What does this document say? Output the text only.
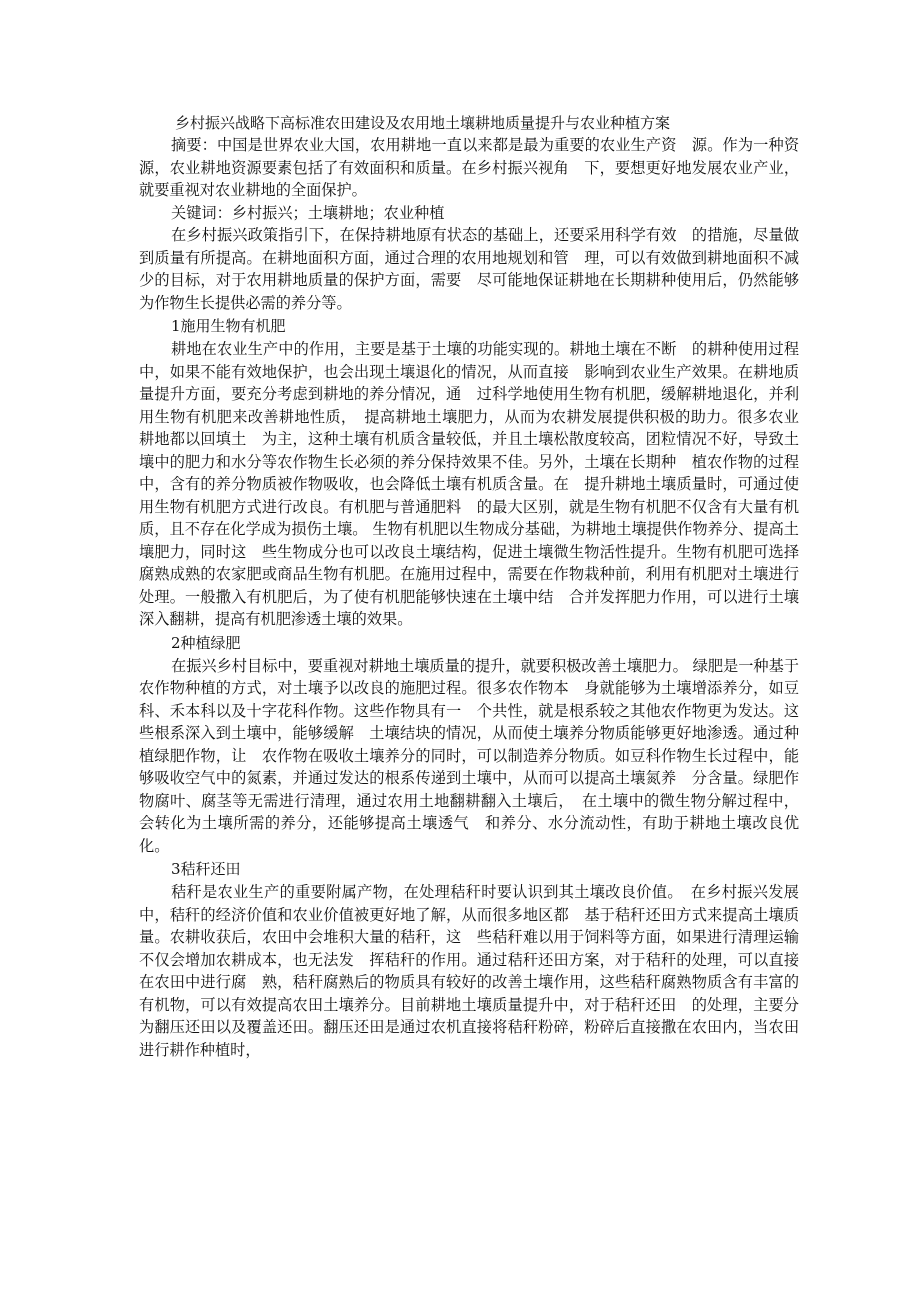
乡村振兴战略下高标准农田建设及农用地土壤耕地质量提升与农业种植方案

摘要：中国是世界农业大国，农用耕地一直以来都是最为重要的农业生产资　源。作为一种资源，农业耕地资源要素包括了有效面积和质量。在乡村振兴视角　下，要想更好地发展农业产业，就要重视对农业耕地的全面保护。

关键词：乡村振兴；土壤耕地；农业种植

在乡村振兴政策指引下，在保持耕地原有状态的基础上，还要采用科学有效　的措施，尽量做到质量有所提高。在耕地面积方面，通过合理的农用地规划和管　理，可以有效做到耕地面积不减少的目标，对于农用耕地质量的保护方面，需要　尽可能地保证耕地在长期耕种使用后，仍然能够为作物生长提供必需的养分等。

1施用生物有机肥

耕地在农业生产中的作用，主要是基于土壤的功能实现的。耕地土壤在不断　的耕种使用过程中，如果不能有效地保护，也会出现土壤退化的情况，从而直接　影响到农业生产效果。在耕地质量提升方面，要充分考虑到耕地的养分情况，通　过科学地使用生物有机肥，缓解耕地退化，并利用生物有机肥来改善耕地性质，　提高耕地土壤肥力，从而为农耕发展提供积极的助力。很多农业耕地都以回填土　为主，这种土壤有机质含量较低，并且土壤松散度较高，团粒情况不好，导致土　壤中的肥力和水分等农作物生长必须的养分保持效果不佳。另外，土壤在长期种　植农作物的过程中，含有的养分物质被作物吸收，也会降低土壤有机质含量。在　提升耕地土壤质量时，可通过使用生物有机肥方式进行改良。有机肥与普通肥料　的最大区别，就是生物有机肥不仅含有大量有机质，且不存在化学成为损伤土壤。 生物有机肥以生物成分基础，为耕地土壤提供作物养分、提高土壤肥力，同时这　些生物成分也可以改良土壤结构，促进土壤微生物活性提升。生物有机肥可选择　腐熟成熟的农家肥或商品生物有机肥。在施用过程中，需要在作物栽种前，利用有机肥对土壤进行处理。一般撒入有机肥后，为了使有机肥能够快速在土壤中结　合并发挥肥力作用，可以进行土壤深入翻耕，提高有机肥渗透土壤的效果。

2种植绿肥

在振兴乡村目标中，要重视对耕地土壤质量的提升，就要积极改善土壤肥力。 绿肥是一种基于农作物种植的方式，对土壤予以改良的施肥过程。很多农作物本　身就能够为土壤增添养分，如豆科、禾本科以及十字花科作物。这些作物具有一　个共性，就是根系较之其他农作物更为发达。这些根系深入到土壤中，能够缓解　土壤结块的情况，从而使土壤养分物质能够更好地渗透。通过种植绿肥作物，让　农作物在吸收土壤养分的同时，可以制造养分物质。如豆科作物生长过程中，能　够吸收空气中的氮素，并通过发达的根系传递到土壤中，从而可以提高土壤氮养　分含量。绿肥作物腐叶、腐茎等无需进行清理，通过农用土地翻耕翻入土壤后，　在土壤中的微生物分解过程中，会转化为土壤所需的养分，还能够提高土壤透气　和养分、水分流动性，有助于耕地土壤改良优化。

3秸秆还田

秸秆是农业生产的重要附属产物，在处理秸秆时要认识到其土壤改良价值。　在乡村振兴发展中，秸秆的经济价值和农业价值被更好地了解，从而很多地区都　基于秸秆还田方式来提高土壤质量。农耕收获后，农田中会堆积大量的秸秆，这　些秸秆难以用于饲料等方面，如果进行清理运输不仅会增加农耕成本，也无法发　挥秸秆的作用。通过秸秆还田方案，对于秸秆的处理，可以直接在农田中进行腐　熟，秸秆腐熟后的物质具有较好的改善土壤作用，这些秸秆腐熟物质含有丰富的　有机物，可以有效提高农田土壤养分。目前耕地土壤质量提升中，对于秸秆还田　的处理，主要分为翻压还田以及覆盖还田。翻压还田是通过农机直接将秸秆粉碎，粉碎后直接撒在农田内，当农田进行耕作种植时，
